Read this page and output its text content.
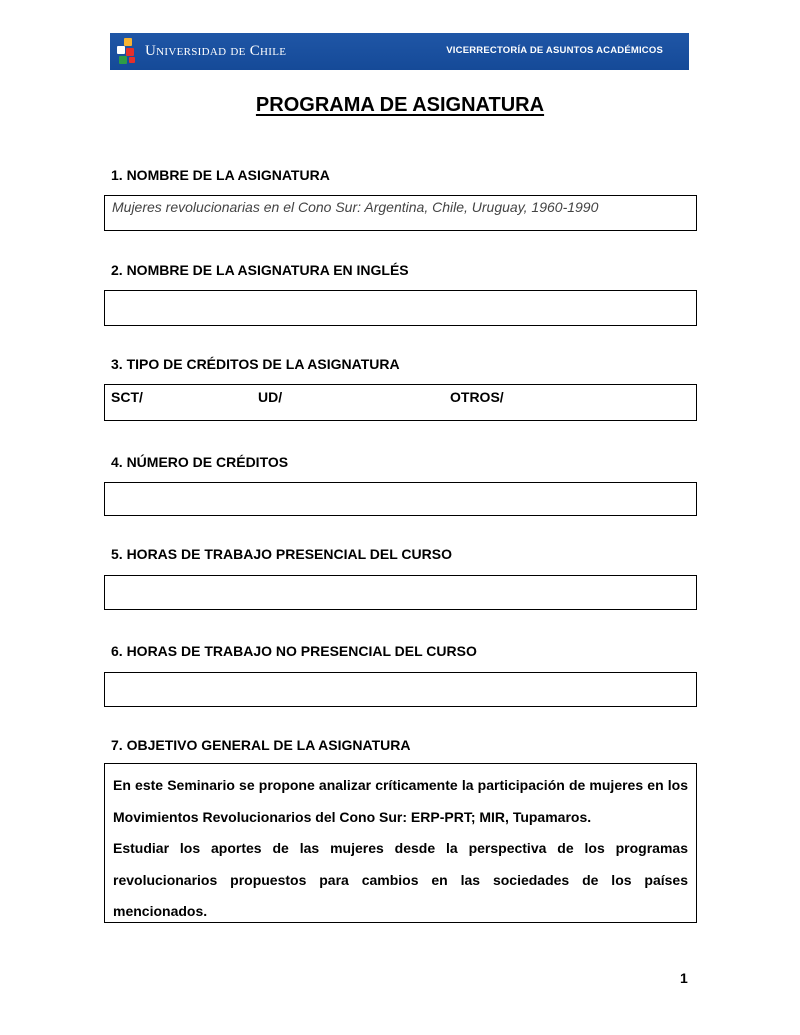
Universidad de Chile	VICERRECTORÍA DE ASUNTOS ACADÉMICOS
PROGRAMA DE ASIGNATURA
1. NOMBRE DE LA ASIGNATURA
Mujeres revolucionarias en el Cono Sur: Argentina, Chile, Uruguay, 1960-1990
2. NOMBRE DE LA ASIGNATURA EN INGLÉS
3. TIPO DE CRÉDITOS DE LA ASIGNATURA
SCT/	UD/	OTROS/
4. NÚMERO DE CRÉDITOS
5. HORAS DE TRABAJO PRESENCIAL DEL CURSO
6. HORAS DE TRABAJO NO PRESENCIAL DEL CURSO
7. OBJETIVO GENERAL DE LA ASIGNATURA

En este Seminario se propone analizar críticamente la participación de mujeres en los Movimientos Revolucionarios del Cono Sur: ERP-PRT; MIR, Tupamaros.

Estudiar los aportes de las mujeres desde la perspectiva de los programas revolucionarios propuestos para cambios en las sociedades de los países mencionados.

1
